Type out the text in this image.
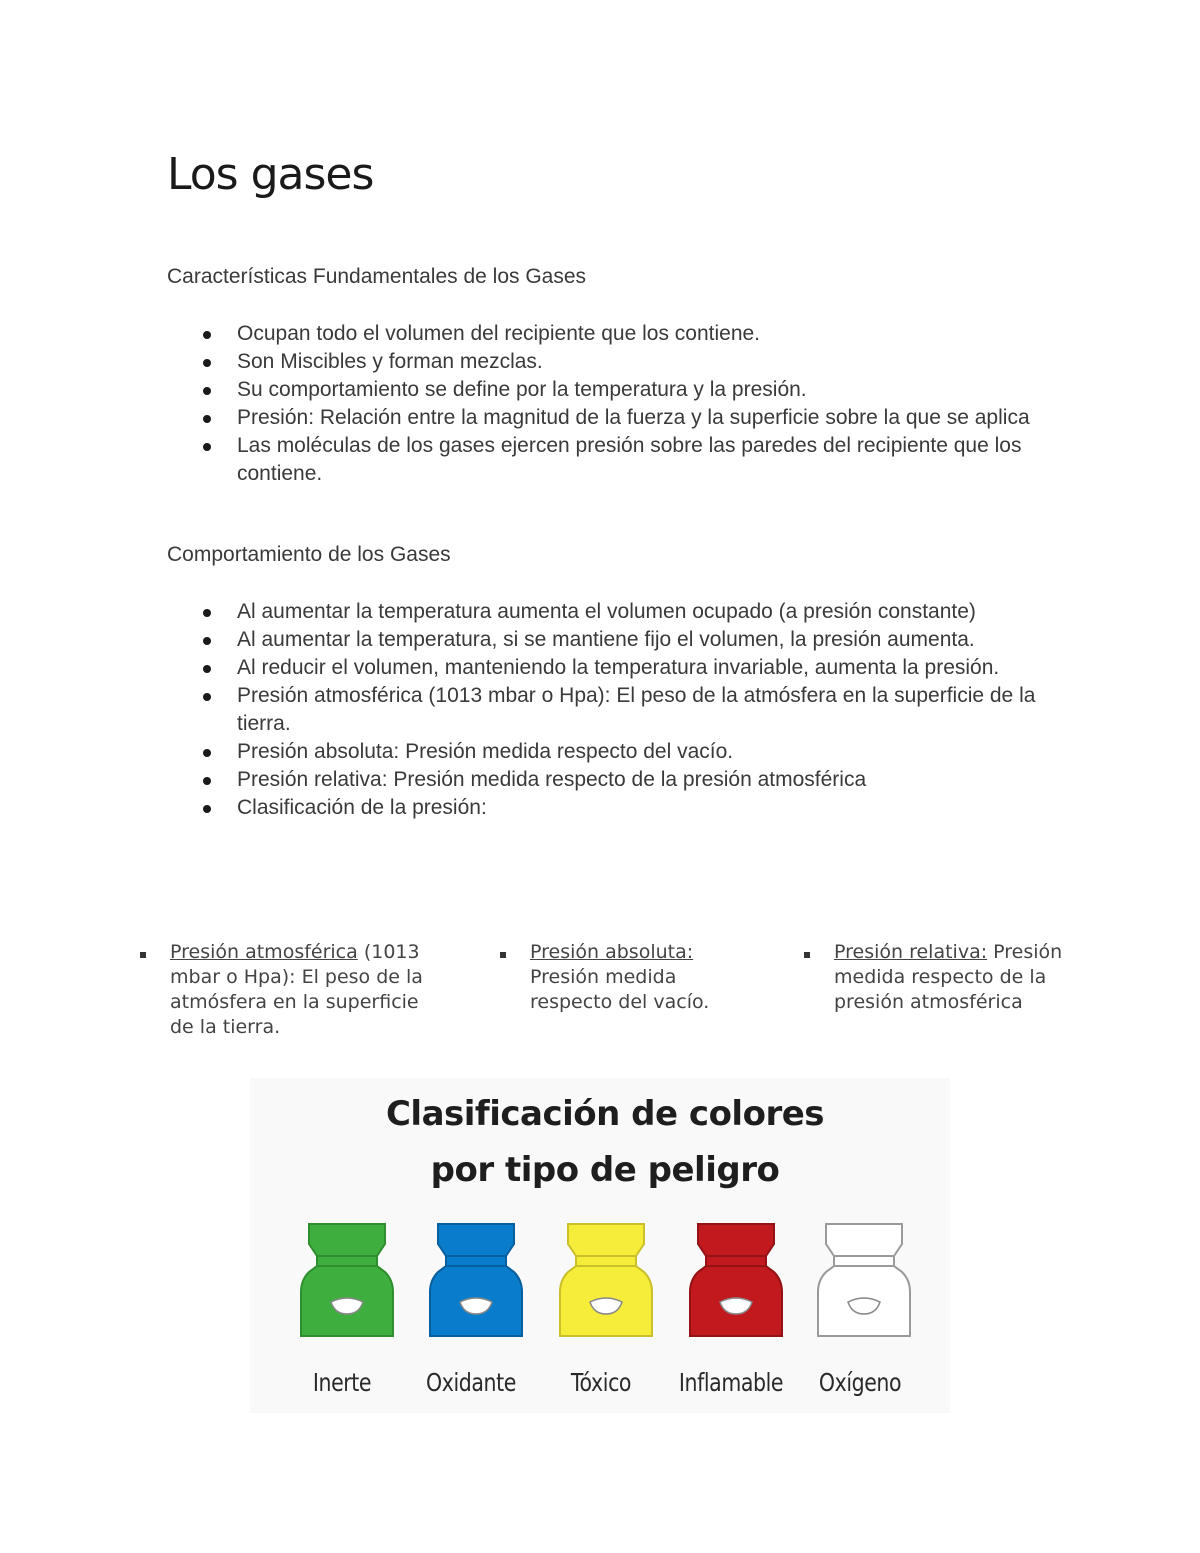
Los gases
Características Fundamentales de los Gases
Ocupan todo el volumen del recipiente que los contiene.
Son Miscibles y forman mezclas.
Su comportamiento se define por la temperatura y la presión.
Presión: Relación entre la magnitud de la fuerza y la superficie sobre la que se aplica
Las moléculas de los gases ejercen presión sobre las paredes del recipiente que los contiene.
Comportamiento de los Gases
Al aumentar la temperatura aumenta el volumen ocupado (a presión constante)
Al aumentar la temperatura, si se mantiene fijo el volumen, la presión aumenta.
Al reducir el volumen, manteniendo la temperatura invariable, aumenta la presión.
Presión atmosférica (1013 mbar o Hpa): El peso de la atmósfera en la superficie de la tierra.
Presión absoluta: Presión medida respecto del vacío.
Presión relativa: Presión medida respecto de la presión atmosférica
Clasificación de la presión:
Presión atmosférica (1013
mbar o Hpa): El peso de la
atmósfera en la superficie
de la tierra.
Presión absoluta:
Presión medida
respecto del vacío.
Presión relativa: Presión
medida respecto de la
presión atmosférica
Clasificación de colores
por tipo de peligro
Inerte	Oxidante	Tóxico	Inflamable	Oxígeno
